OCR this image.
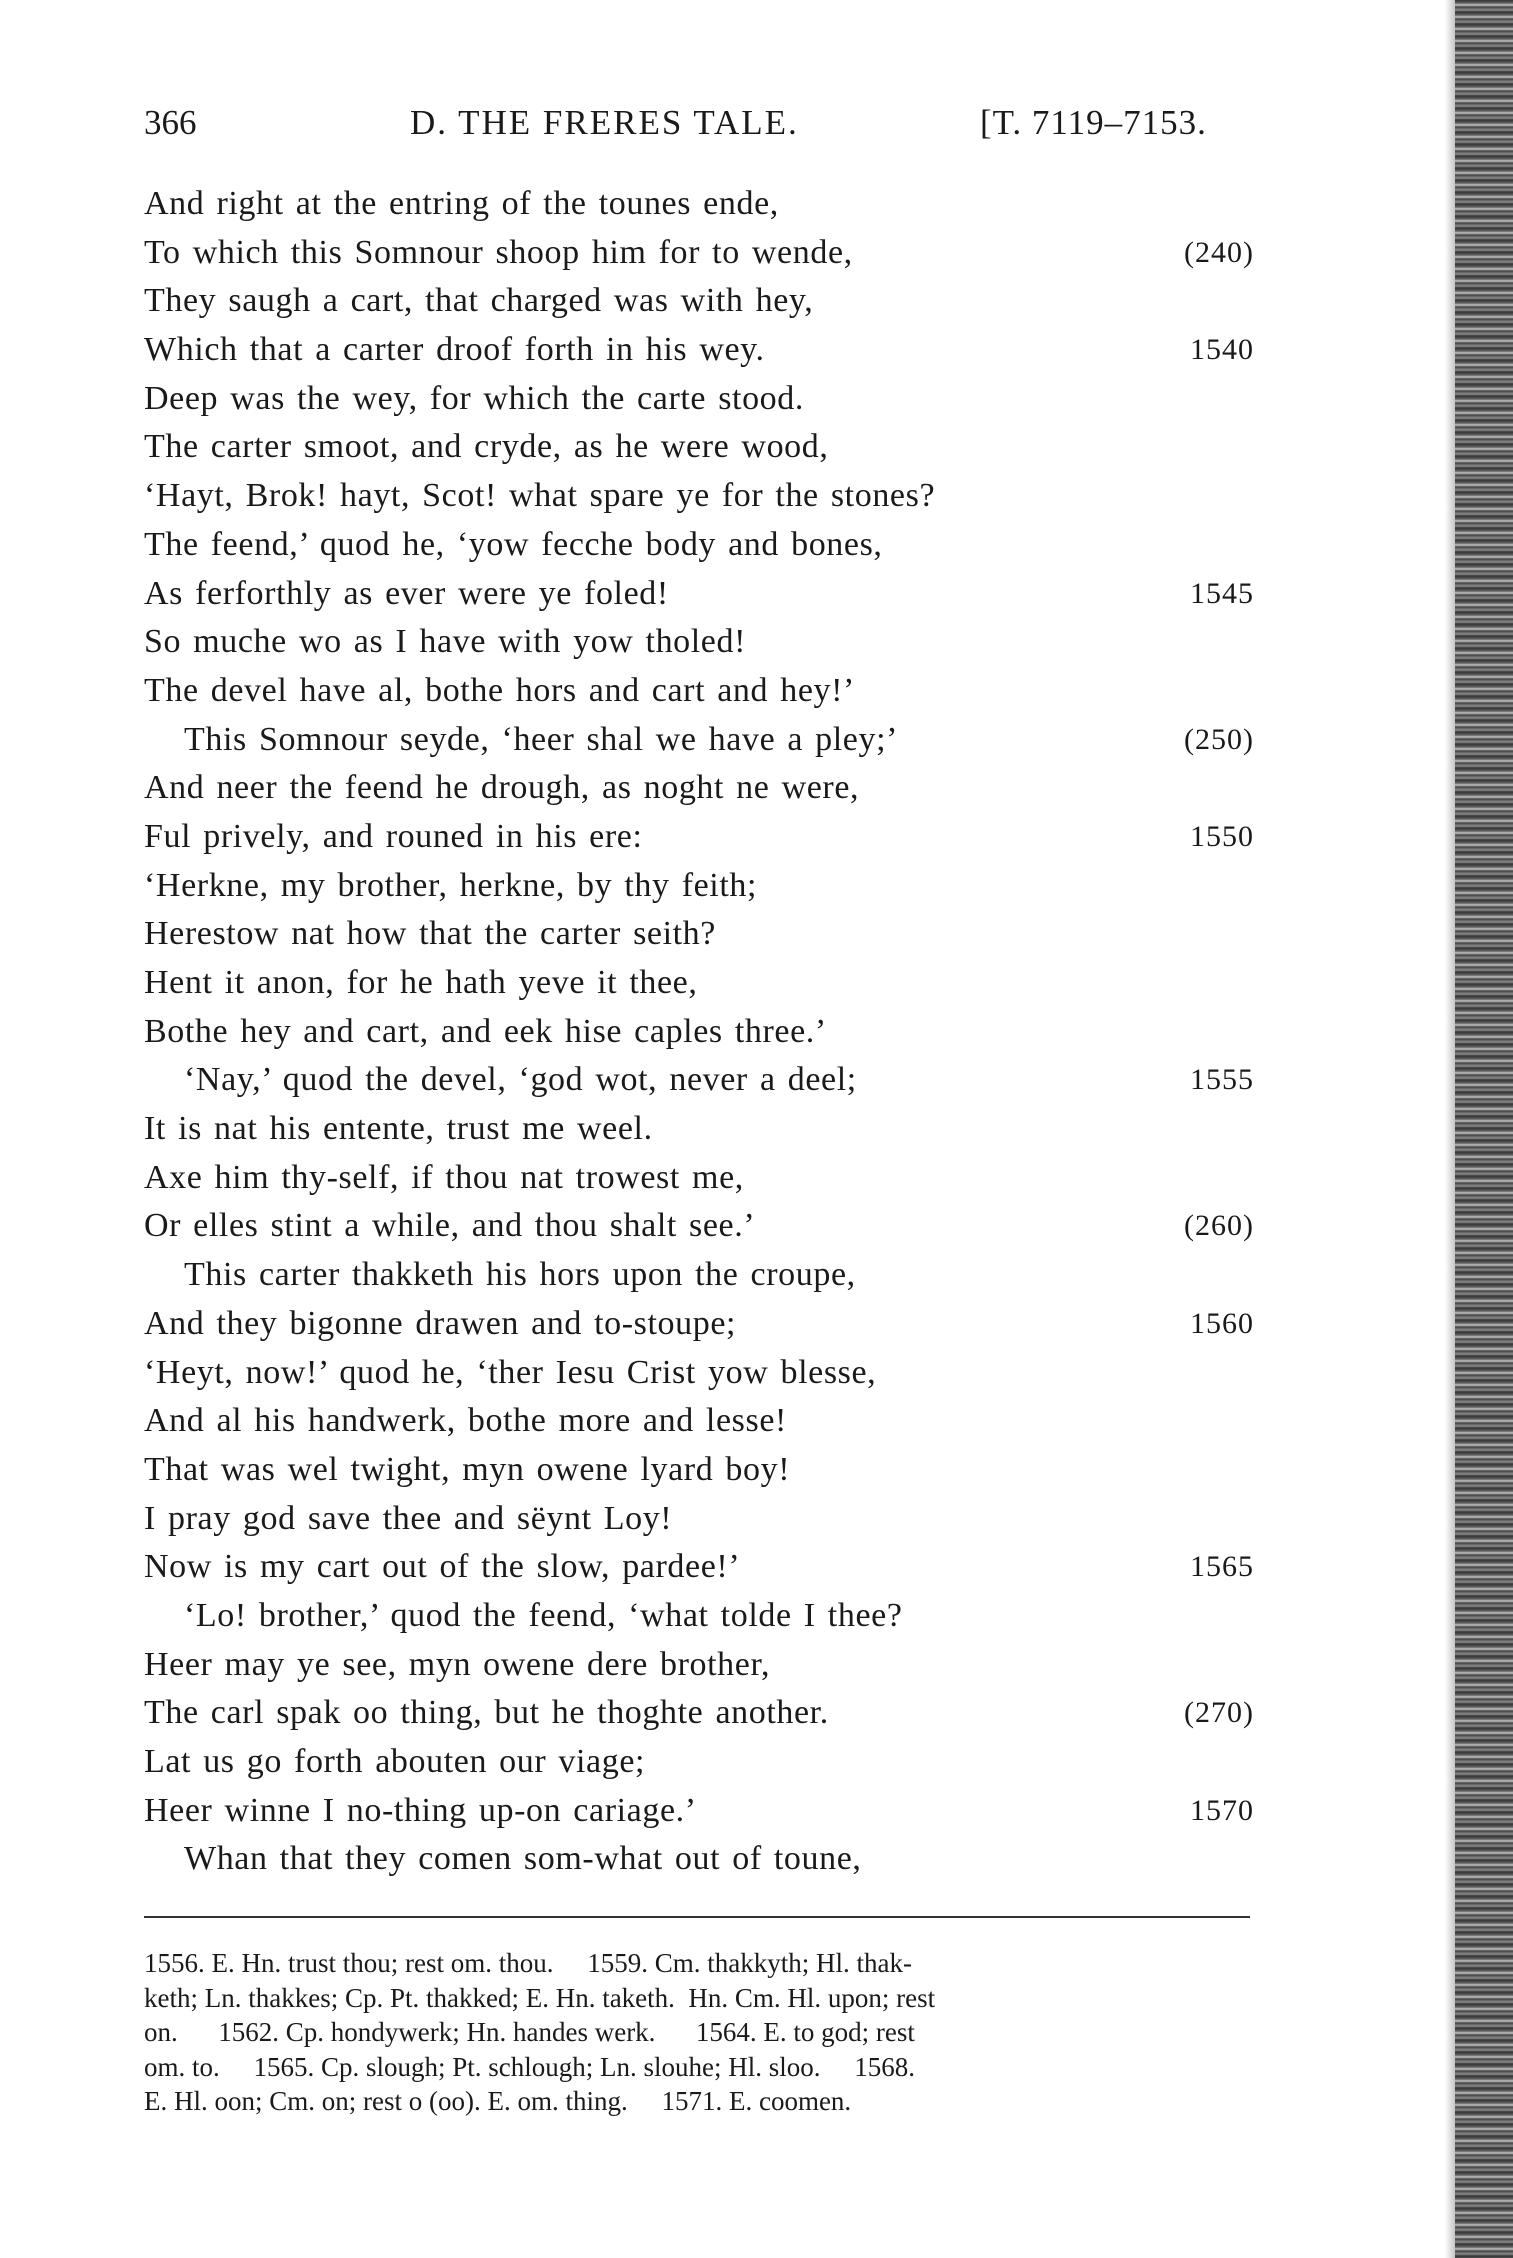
366	D. THE FRERES TALE.	[T. 7119–7153.
And right at the entring of the tounes ende,
To which this Somnour shoop him for to wende,	(240)
They saugh a cart, that charged was with hey,
Which that a carter droof forth in his wey.	1540
Deep was the wey, for which the carte stood.
The carter smoot, and cryde, as he were wood,
‘Hayt, Brok! hayt, Scot! what spare ye for the stones?
The feend,’ quod he, ‘yow fecche body and bones,
As ferforthly as ever were ye foled!	1545
So muche wo as I have with yow tholed!
The devel have al, bothe hors and cart and hey!’
This Somnour seyde, ‘heer shal we have a pley;’	(250)
And neer the feend he drough, as noght ne were,
Ful prively, and rouned in his ere:	1550
‘Herkne, my brother, herkne, by thy feith;
Herestow nat how that the carter seith?
Hent it anon, for he hath yeve it thee,
Bothe hey and cart, and eek hise caples three.’
‘Nay,’ quod the devel, ‘god wot, never a deel;	1555
It is nat his entente, trust me weel.
Axe him thy-self, if thou nat trowest me,
Or elles stint a while, and thou shalt see.’	(260)
This carter thakketh his hors upon the croupe,
And they bigonne drawen and to-stoupe;	1560
‘Heyt, now!’ quod he, ‘ther Iesu Crist yow blesse,
And al his handwerk, bothe more and lesse!
That was wel twight, myn owene lyard boy!
I pray god save thee and sëynt Loy!
Now is my cart out of the slow, pardee!’	1565
‘Lo! brother,’ quod the feend, ‘what tolde I thee?
Heer may ye see, myn owene dere brother,
The carl spak oo thing, but he thoghte another.	(270)
Lat us go forth abouten our viage;
Heer winne I no-thing up-on cariage.’	1570
Whan that they comen som-what out of toune,
1556. E. Hn. trust thou; rest om. thou.     1559. Cm. thakkyth; Hl. thak-
keth; Ln. thakkes; Cp. Pt. thakked; E. Hn. taketh.  Hn. Cm. Hl. upon; rest
on.      1562. Cp. hondywerk; Hn. handes werk.      1564. E. to god; rest
om. to.     1565. Cp. slough; Pt. schlough; Ln. slouhe; Hl. sloo.     1568.
E. Hl. oon; Cm. on; rest o (oo). E. om. thing.     1571. E. coomen.
